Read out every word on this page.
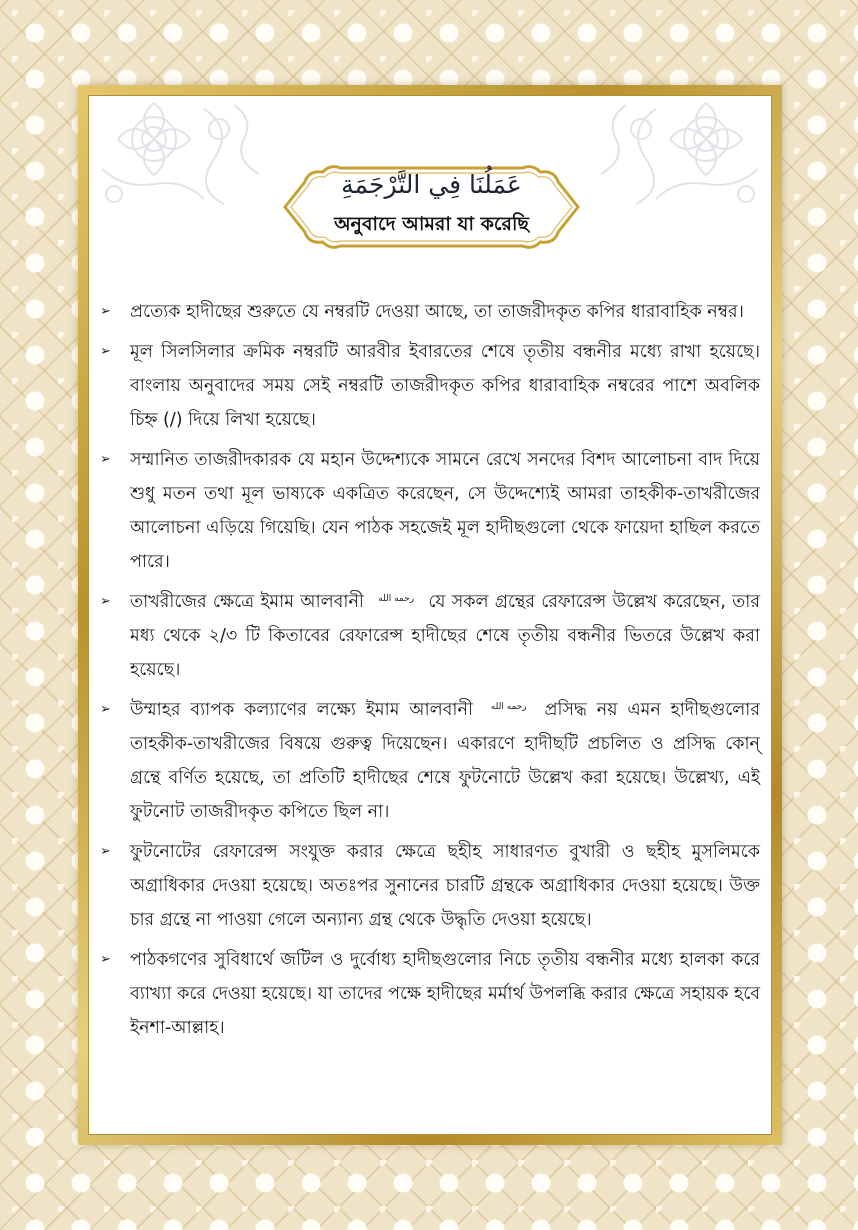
عَمَلُنَا فِي التَّرْجَمَةِ
অনুবাদে আমরা যা করেছি
➢
প্রত্যেক হাদীছের শুরুতে যে নম্বরটি দেওয়া আছে, তা তাজরীদকৃত কপির ধারাবাহিক নম্বর।
➢
মূল সিলসিলার ক্রমিক নম্বরটি আরবীর ইবারতের শেষে তৃতীয় বন্ধনীর মধ্যে রাখা হয়েছে। বাংলায় অনুবাদের সময় সেই নম্বরটি তাজরীদকৃত কপির ধারাবাহিক নম্বরের পাশে অবলিক চিহ্ন (/) দিয়ে লিখা হয়েছে।
➢
সম্মানিত তাজরীদকারক যে মহান উদ্দেশ্যকে সামনে রেখে সনদের বিশদ আলোচনা বাদ দিয়ে শুধু মতন তথা মূল ভাষ্যকে একত্রিত করেছেন, সে উদ্দেশ্যেই আমরা তাহকীক-তাখরীজের আলোচনা এড়িয়ে গিয়েছি। যেন পাঠক সহজেই মূল হাদীছগুলো থেকে ফায়েদা হাছিল করতে পারে।
➢
তাখরীজের ক্ষেত্রে ইমাম আলবানী رحمه الله যে সকল গ্রন্থের রেফারেন্স উল্লেখ করেছেন, তার মধ্য থেকে ২/৩ টি কিতাবের রেফারেন্স হাদীছের শেষে তৃতীয় বন্ধনীর ভিতরে উল্লেখ করা হয়েছে।
➢
উম্মাহর ব্যাপক কল্যাণের লক্ষ্যে ইমাম আলবানী رحمه الله প্রসিদ্ধ নয় এমন হাদীছগুলোর তাহকীক-তাখরীজের বিষয়ে গুরুত্ব দিয়েছেন। একারণে হাদীছটি প্রচলিত ও প্রসিদ্ধ কোন্ গ্রন্থে বর্ণিত হয়েছে, তা প্রতিটি হাদীছের শেষে ফুটনোটে উল্লেখ করা হয়েছে। উল্লেখ্য, এই ফুটনোট তাজরীদকৃত কপিতে ছিল না।
➢
ফুটনোটের রেফারেন্স সংযুক্ত করার ক্ষেত্রে ছহীহ সাধারণত বুখারী ও ছহীহ মুসলিমকে অগ্রাধিকার দেওয়া হয়েছে। অতঃপর সুনানের চারটি গ্রন্থকে অগ্রাধিকার দেওয়া হয়েছে। উক্ত চার গ্রন্থে না পাওয়া গেলে অন্যান্য গ্রন্থ থেকে উদ্ধৃতি দেওয়া হয়েছে।
➢
পাঠকগণের সুবিধার্থে জটিল ও দুর্বোধ্য হাদীছগুলোর নিচে তৃতীয় বন্ধনীর মধ্যে হালকা করে ব্যাখ্যা করে দেওয়া হয়েছে। যা তাদের পক্ষে হাদীছের মর্মার্থ উপলব্ধি করার ক্ষেত্রে সহায়ক হবে ইনশা-আল্লাহ।
